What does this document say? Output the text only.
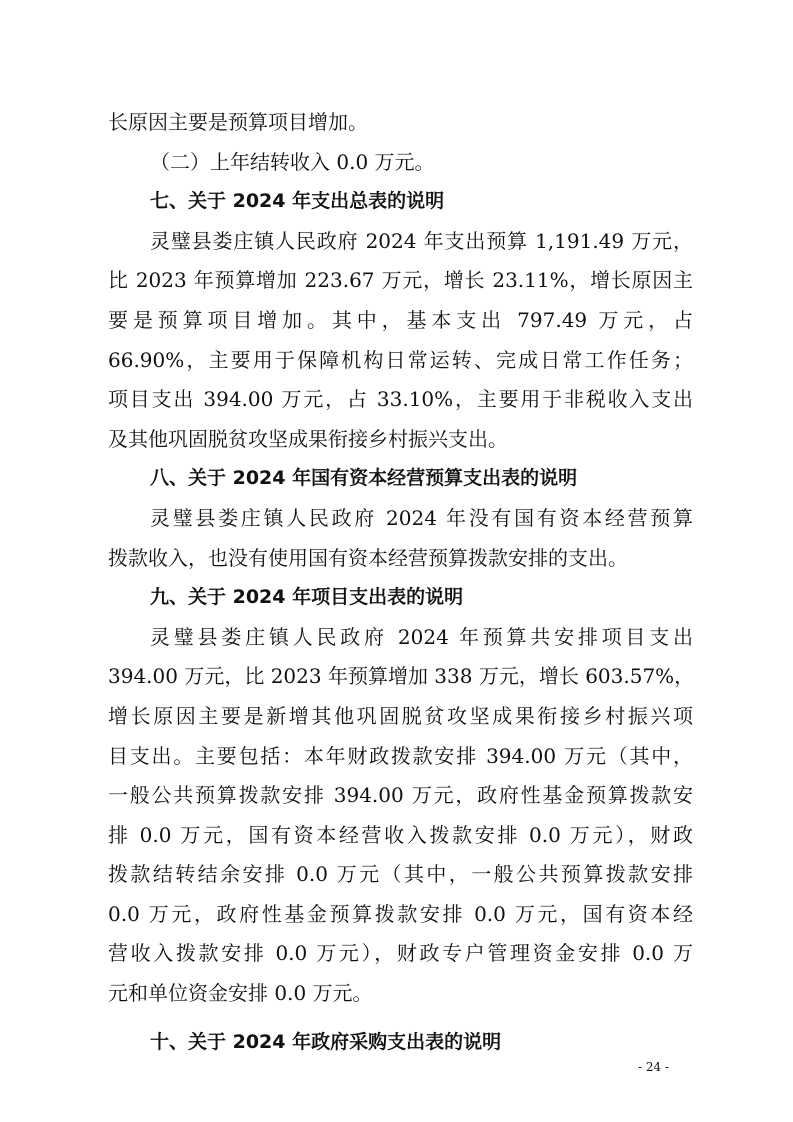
长原因主要是预算项目增加。
（二）上年结转收入 0.0 万元。
七、关于 2024 年支出总表的说明
灵璧县娄庄镇人民政府 2024 年支出预算 1,191.49 万元，
比 2023 年预算增加 223.67 万元，增长 23.11%，增长原因主
要是预算项目增加。其中，基本支出 797.49 万元，占
66.90%，主要用于保障机构日常运转、完成日常工作任务；
项目支出 394.00 万元，占 33.10%，主要用于非税收入支出
及其他巩固脱贫攻坚成果衔接乡村振兴支出。
八、关于 2024 年国有资本经营预算支出表的说明
灵璧县娄庄镇人民政府 2024 年没有国有资本经营预算
拨款收入，也没有使用国有资本经营预算拨款安排的支出。
九、关于 2024 年项目支出表的说明
灵璧县娄庄镇人民政府 2024 年预算共安排项目支出
394.00 万元，比 2023 年预算增加 338 万元，增长 603.57%，
增长原因主要是新增其他巩固脱贫攻坚成果衔接乡村振兴项
目支出。主要包括：本年财政拨款安排 394.00 万元（其中，
一般公共预算拨款安排 394.00 万元，政府性基金预算拨款安
排 0.0 万元，国有资本经营收入拨款安排 0.0 万元），财政
拨款结转结余安排 0.0 万元（其中，一般公共预算拨款安排
0.0 万元，政府性基金预算拨款安排 0.0 万元，国有资本经
营收入拨款安排 0.0 万元），财政专户管理资金安排 0.0 万
元和单位资金安排 0.0 万元。
十、关于 2024 年政府采购支出表的说明
- 24 -
